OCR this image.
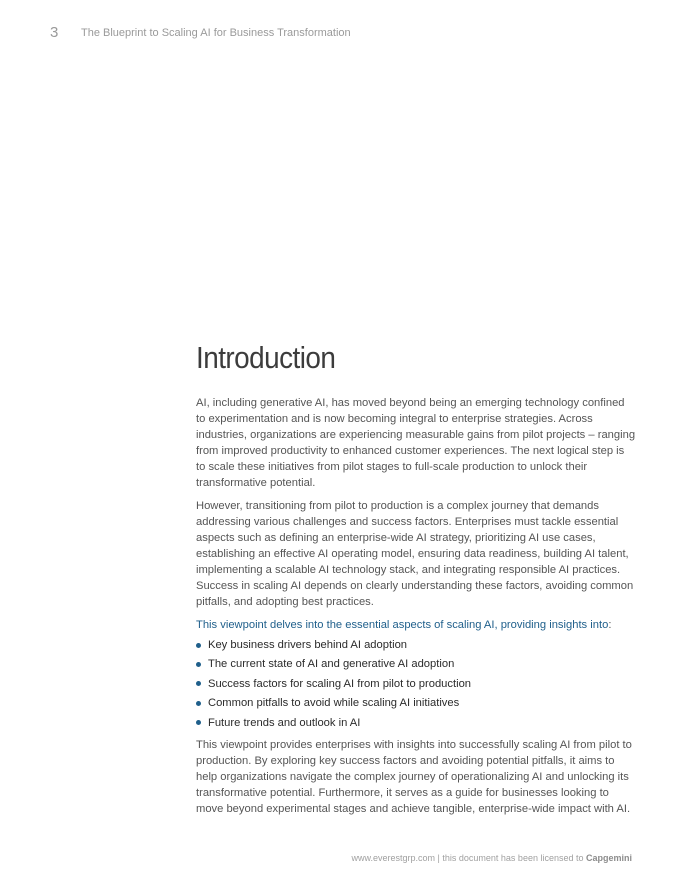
3 The Blueprint to Scaling AI for Business Transformation
Introduction

AI, including generative AI, has moved beyond being an emerging technology confined to experimentation and is now becoming integral to enterprise strategies. Across industries, organizations are experiencing measurable gains from pilot projects – ranging from improved productivity to enhanced customer experiences. The next logical step is to scale these initiatives from pilot stages to full-scale production to unlock their transformative potential.

However, transitioning from pilot to production is a complex journey that demands addressing various challenges and success factors. Enterprises must tackle essential aspects such as defining an enterprise-wide AI strategy, prioritizing AI use cases, establishing an effective AI operating model, ensuring data readiness, building AI talent, implementing a scalable AI technology stack, and integrating responsible AI practices. Success in scaling AI depends on clearly understanding these factors, avoiding common pitfalls, and adopting best practices.

This viewpoint delves into the essential aspects of scaling AI, providing insights into:

Key business drivers behind AI adoption
The current state of AI and generative AI adoption
Success factors for scaling AI from pilot to production
Common pitfalls to avoid while scaling AI initiatives
Future trends and outlook in AI

This viewpoint provides enterprises with insights into successfully scaling AI from pilot to production. By exploring key success factors and avoiding potential pitfalls, it aims to help organizations navigate the complex journey of operationalizing AI and unlocking its transformative potential. Furthermore, it serves as a guide for businesses looking to move beyond experimental stages and achieve tangible, enterprise-wide impact with AI.

www.everestgrp.com | this document has been licensed to Capgemini
